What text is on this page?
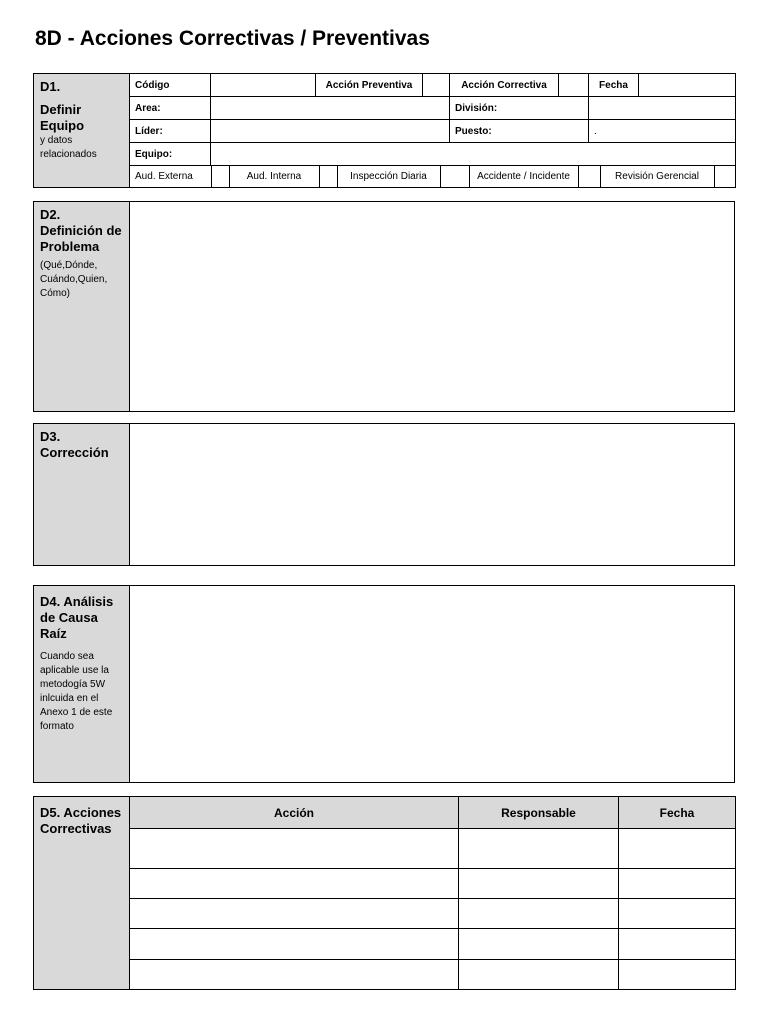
8D - Acciones Correctivas / Preventivas
D1.
Definir Equipo
y datos relacionados
	Código		Acción Preventiva		Acción Correctiva		Fecha	
Area:		División:	
Líder:		Puesto:	.
Equipo:	

Aud. Externa		Aud. Interna		Inspección Diaria		Accidente / Incidente		Revisión Gerencial	
D2. Definición de Problema
(Qué,Dónde, Cuándo,Quien, Cómo)

D3. Corrección

D4. Análisis de Causa Raíz
Cuando sea aplicable use la metodogía 5W inlcuida en el Anexo 1 de este formato

D5. Acciones Correctivas	Acción	Responsable	Fecha
